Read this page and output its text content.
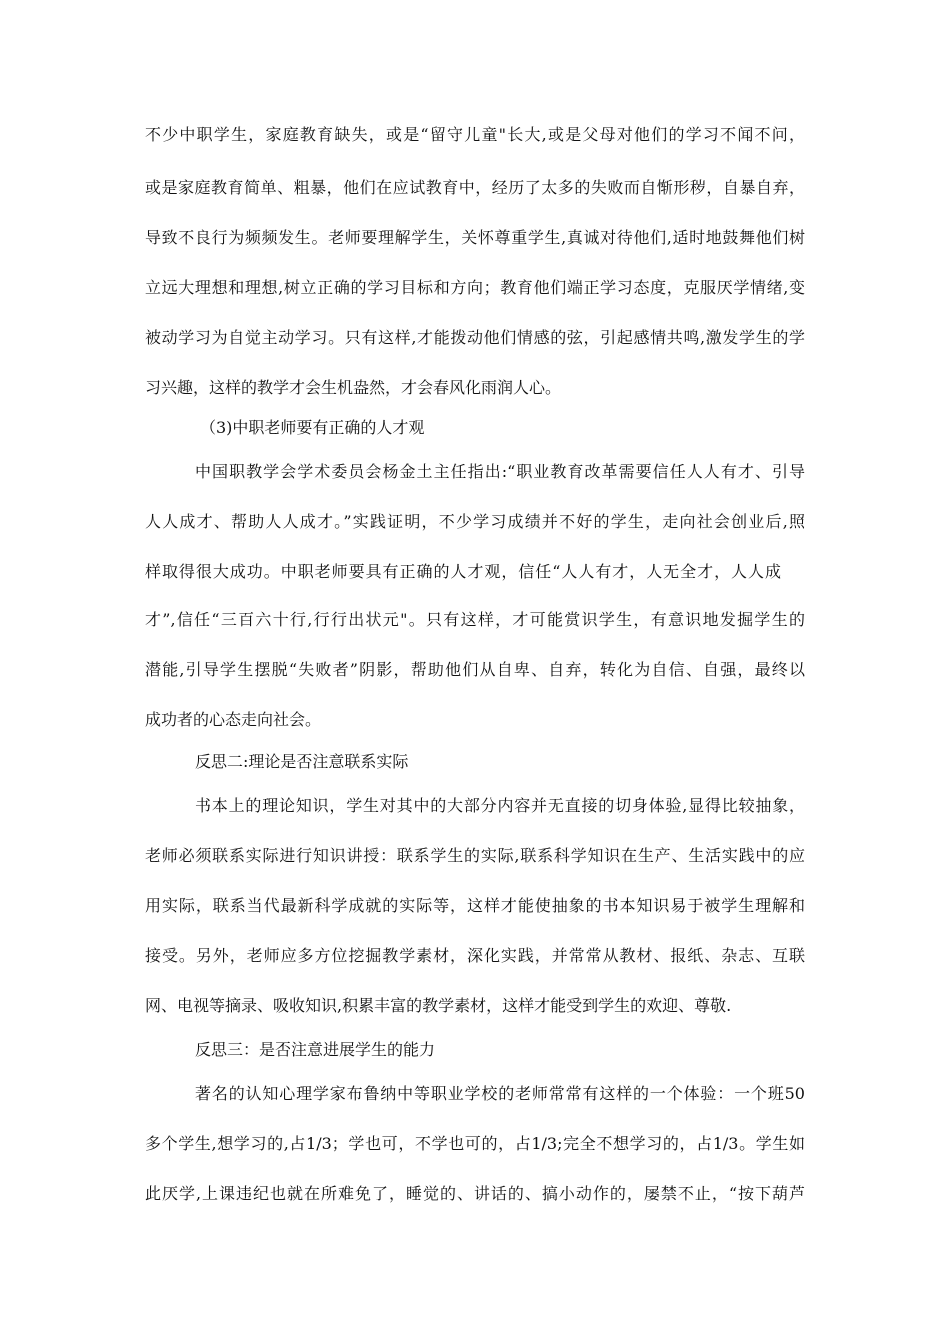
不少中职学生，家庭教育缺失，或是“留守儿童"长大,或是父母对他们的学习不闻不问，
或是家庭教育简单、粗暴，他们在应试教育中，经历了太多的失败而自惭形秽，自暴自弃，
导致不良行为频频发生。老师要理解学生，关怀尊重学生,真诚对待他们,适时地鼓舞他们树
立远大理想和理想,树立正确的学习目标和方向；教育他们端正学习态度，克服厌学情绪,变
被动学习为自觉主动学习。只有这样,才能拨动他们情感的弦，引起感情共鸣,激发学生的学
习兴趣，这样的教学才会生机盎然，才会春风化雨润人心。
（3)中职老师要有正确的人才观
中国职教学会学术委员会杨金土主任指出:“职业教育改革需要信任人人有才、引导
人人成才、帮助人人成才。”实践证明，不少学习成绩并不好的学生，走向社会创业后,照
样取得很大成功。中职老师要具有正确的人才观，信任“人人有才，人无全才，人人成
才”,信任“三百六十行,行行出状元"。只有这样，才可能赏识学生，有意识地发掘学生的
潜能,引导学生摆脱“失败者”阴影，帮助他们从自卑、自弃，转化为自信、自强，最终以
成功者的心态走向社会。
反思二:理论是否注意联系实际
书本上的理论知识，学生对其中的大部分内容并无直接的切身体验,显得比较抽象，
老师必须联系实际进行知识讲授：联系学生的实际,联系科学知识在生产、生活实践中的应
用实际，联系当代最新科学成就的实际等，这样才能使抽象的书本知识易于被学生理解和
接受。另外，老师应多方位挖掘教学素材，深化实践，并常常从教材、报纸、杂志、互联
网、电视等摘录、吸收知识,积累丰富的教学素材，这样才能受到学生的欢迎、尊敬.
反思三：是否注意进展学生的能力
著名的认知心理学家布鲁纳中等职业学校的老师常常有这样的一个体验：一个班50
多个学生,想学习的,占1/3；学也可，不学也可的，占1/3;完全不想学习的，占1/3。学生如
此厌学,上课违纪也就在所难免了，睡觉的、讲话的、搞小动作的，屡禁不止，“按下葫芦
